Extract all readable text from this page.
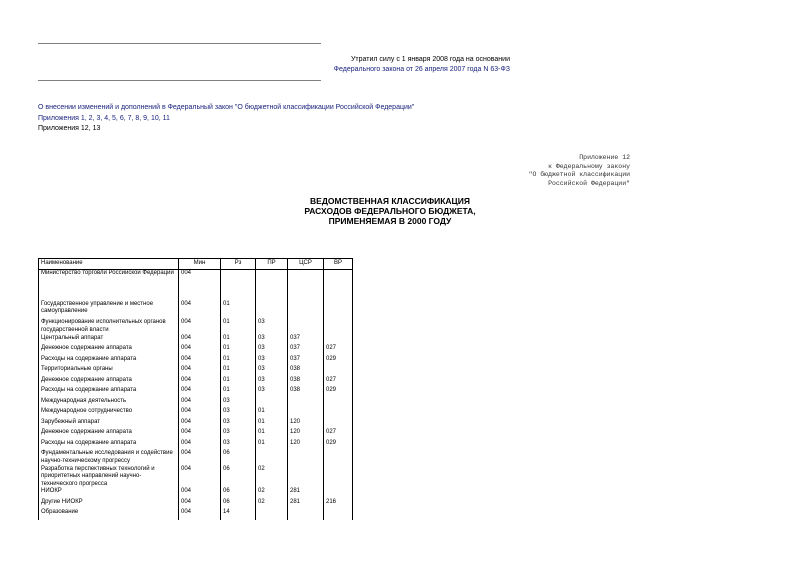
Утратил силу с 1 января 2008 года на основании
Федерального закона от 26 апреля 2007 года N 63-ФЗ
О внесении изменений и дополнений в Федеральный закон "О бюджетной классификации Российской Федерации"
Приложения 1, 2, 3, 4, 5, 6, 7, 8, 9, 10, 11
Приложения 12, 13
Приложение 12
к Федеральному закону
"О бюджетной классификации
Российской Федерации"
ВЕДОМСТВЕННАЯ КЛАССИФИКАЦИЯ
РАСХОДОВ ФЕДЕРАЛЬНОГО БЮДЖЕТА,
ПРИМЕНЯЕМАЯ В 2000 ГОДУ
Наименование	Мин	Рз	ПР	ЦСР	ВР
Министерство торговли Российской Федерации	004				
Государственное управление и местное самоуправление	004	01			
Функционирование исполнительных органов государственной власти	004	01	03		
Центральный аппарат	004	01	03	037	
Денежное содержание аппарата	004	01	03	037	027
Расходы на содержание аппарата	004	01	03	037	029
Территориальные органы	004	01	03	038	
Денежное содержание аппарата	004	01	03	038	027
Расходы на содержание аппарата	004	01	03	038	029
Международная деятельность	004	03			
Международное сотрудничество	004	03	01		
Зарубежный аппарат	004	03	01	120	
Денежное содержание аппарата	004	03	01	120	027
Расходы на содержание аппарата	004	03	01	120	029
Фундаментальные исследования и содействие научно-техническому прогрессу	004	06			
Разработка перспективных технологий и приоритетных направлений научно-технического прогресса	004	06	02		
НИОКР	004	06	02	281	
Другие НИОКР	004	06	02	281	216
Образование	004	14			
